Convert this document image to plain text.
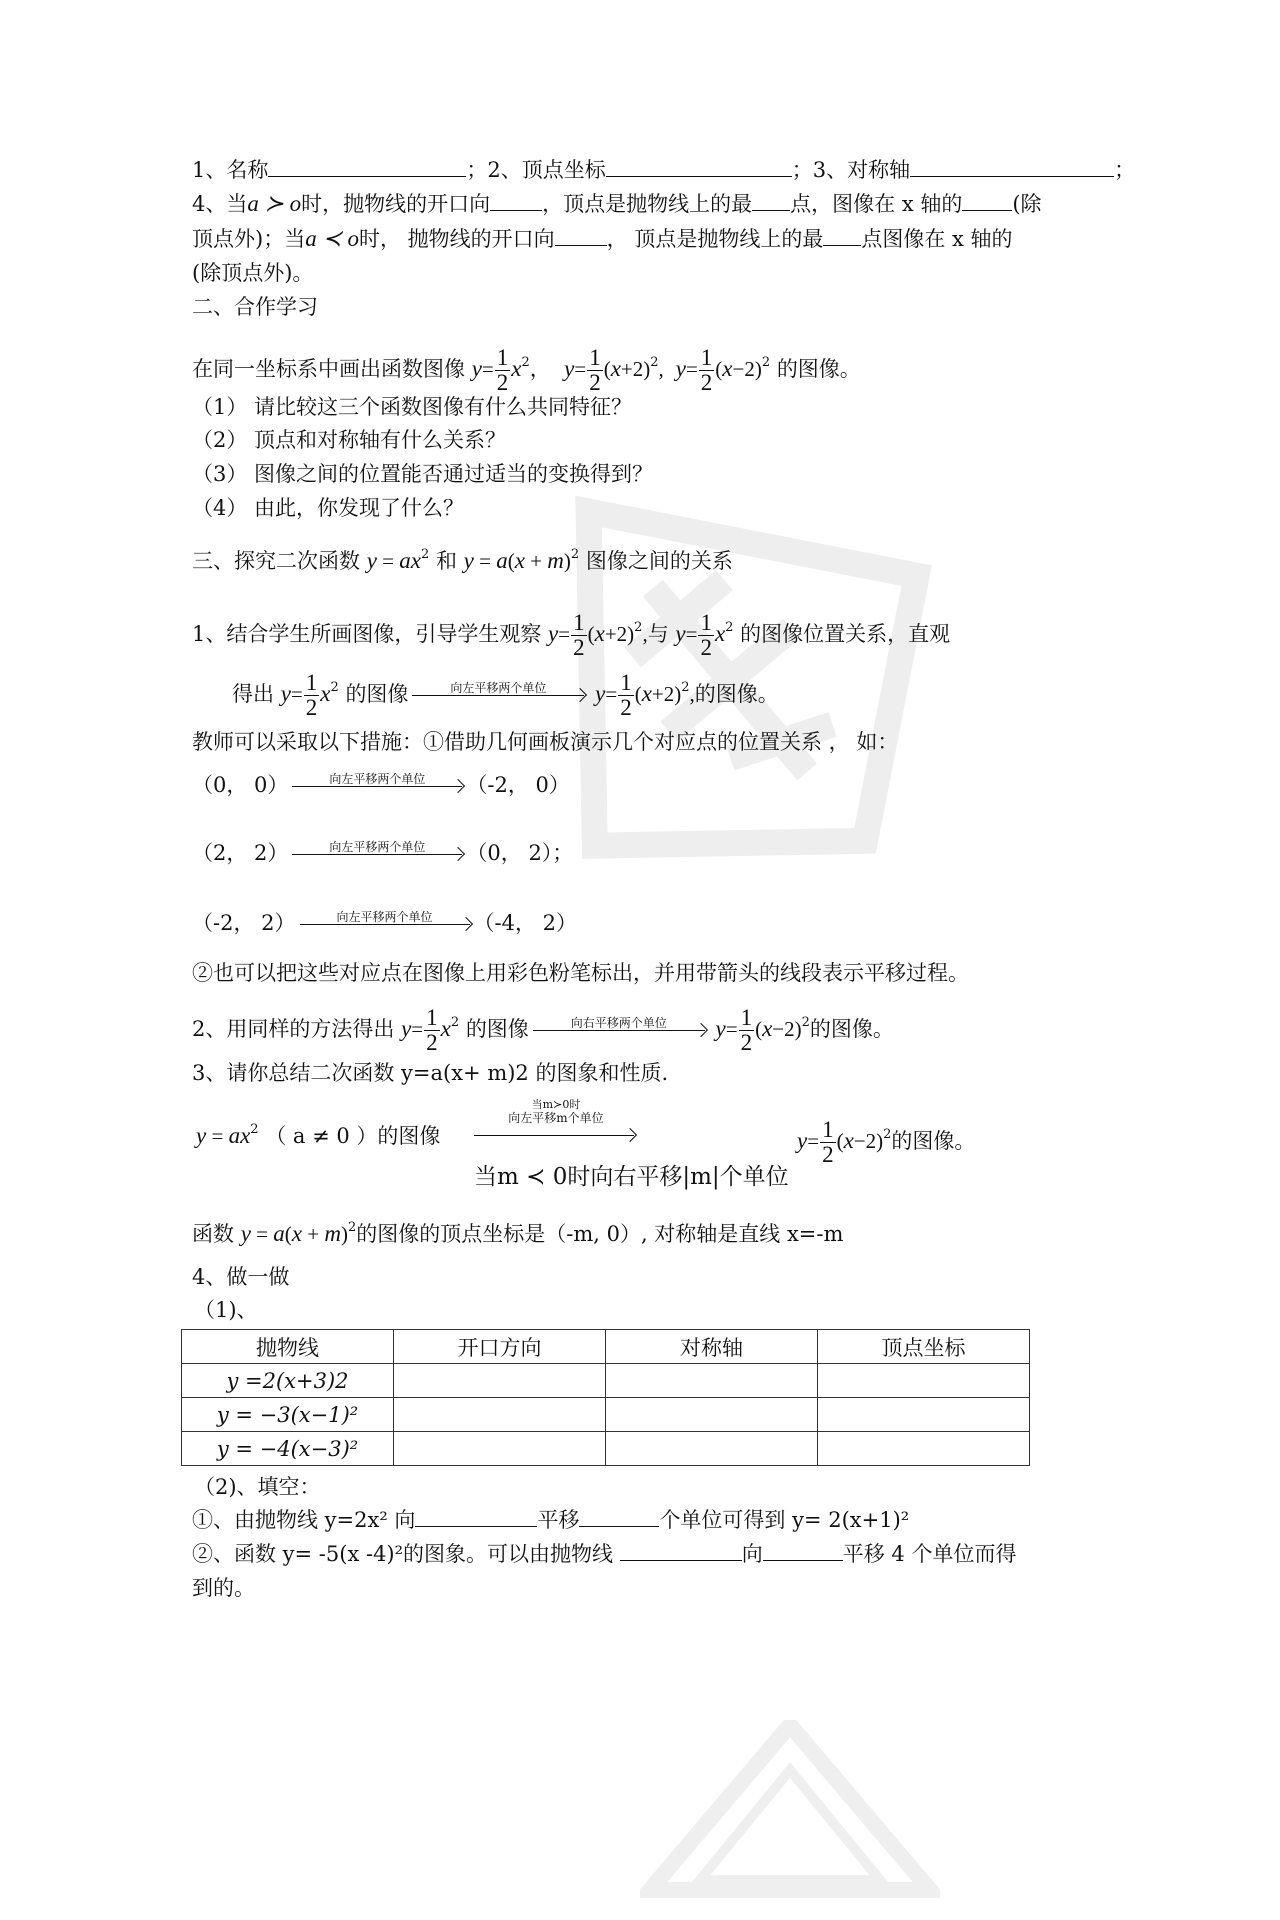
1、名称	；2、顶点坐标	；3、对称轴	；
4、当a ≻ o时，抛物线的开口向 ，顶点是抛物线上的最 点，图像在 x 轴的 (除
顶点外)；当a ≺ o时， 抛物线的开口向 ， 顶点是抛物线上的最 点图像在 x 轴的
(除顶点外)。
二、合作学习
在同一坐标系中画出函数图像 $y= \frac{1}{2} x^2$，  $y= \frac{1}{2} (x+2)^2$,  $y= \frac{1}{2} (x-2)^2$ 的图像。
（1） 请比较这三个函数图像有什么共同特征？
（2） 顶点和对称轴有什么关系？
（3） 图像之间的位置能否通过适当的变换得到？
（4） 由此，你发现了什么？
三、探究二次函数 $y = ax^2$ 和 $y = a(x + m)^2$ 图像之间的关系
1、结合学生所画图像，引导学生观察 $y= \frac{1}{2} (x+2)^2$,与 $y= \frac{1}{2} x^2$ 的图像位置关系，直观
得出 $y= \frac{1}{2} x^2$ 的图像	向左平移两个单位
	$y= \frac{1}{2} (x+2)^2$,的图像。
教师可以采取以下措施：①借助几何画板演示几个对应点的位置关系 ， 如：
（0， 0）	向左平移两个单位
	（-2， 0）
（2， 2）	向左平移两个单位
	（0， 2）；
（-2， 2）	向左平移两个单位
	（-4， 2）
②也可以把这些对应点在图像上用彩色粉笔标出，并用带箭头的线段表示平移过程。
2、用同样的方法得出 $y= \frac{1}{2} x^2$ 的图像	向右平移两个单位
	$y= \frac{1}{2} (x-2)^2$的图像。
3、请你总结二次函数 y=a(x+ m)2 的图象和性质.
$y = ax^2$ （ a ≠ 0 ）的图像
当m≻0时
向左平移m个单位
当m ≺ 0时向右平移|m|个单位
$y= \frac{1}{2} (x-2)^2$的图像。
函数 $y = a(x + m)^2$的图像的顶点坐标是（-m, 0）, 对称轴是直线 x=-m
4、做一做
（1)、
抛物线	开口方向	对称轴	顶点坐标
y =2(x+3)2			
y = −3(x−1)²			
y = −4(x−3)²			
（2)、填空：
①、由抛物线 y=2x² 向	平移	个单位可得到 y= 2(x+1)²
②、函数 y= -5(x -4)²的图象。可以由抛物线	向	平移 4 个单位而得
到的。
